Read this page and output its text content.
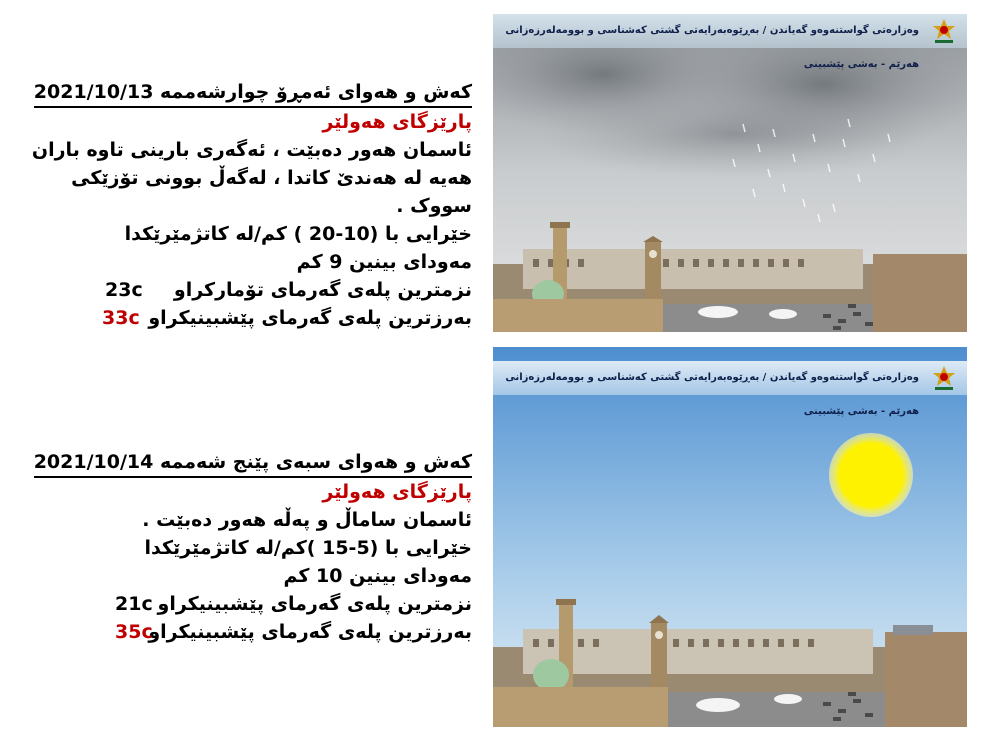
کەش و هەوای ئەمڕۆ چوارشەممە 2021/10/13
پارێزگای هەولێر
ئاسمان هەور دەبێت ، ئەگەری بارینی تاوە باران هەیە لە هەندێ کاتدا ، لەگەڵ بوونی تۆزێکی سووک .
خێرایی با (10-20 ) کم/لە کاتژمێرێکدا
مەودای بینین 9 کم
نزمترین پلەی گەرمای تۆمارکراو
23c
بەرزترین پلەی گەرمای پێشبینیکراو
33c
کەش و هەوای سبەی پێنج شەممە 2021/10/14
پارێزگای هەولێر
ئاسمان ساماڵ و پەڵە هەور دەبێت .
خێرایی با (5-15 )کم/لە کاتژمێرێکدا
مەودای بینین 10 کم
نزمترین پلەی گەرمای پێشبینیکراو
21c
بەرزترین پلەی گەرمای پێشبینیکراو
35c
وەزارەتی گواستنەوەو گەیاندن / بەڕێوەبەرایەتی گشتی کەشناسی و بوومەلەرزەزانی هەرێم - بەشی پێشبینی
وەزارەتی گواستنەوەو گەیاندن / بەڕێوەبەرایەتی گشتی کەشناسی و بوومەلەرزەزانی هەرێم - بەشی پێشبینی
